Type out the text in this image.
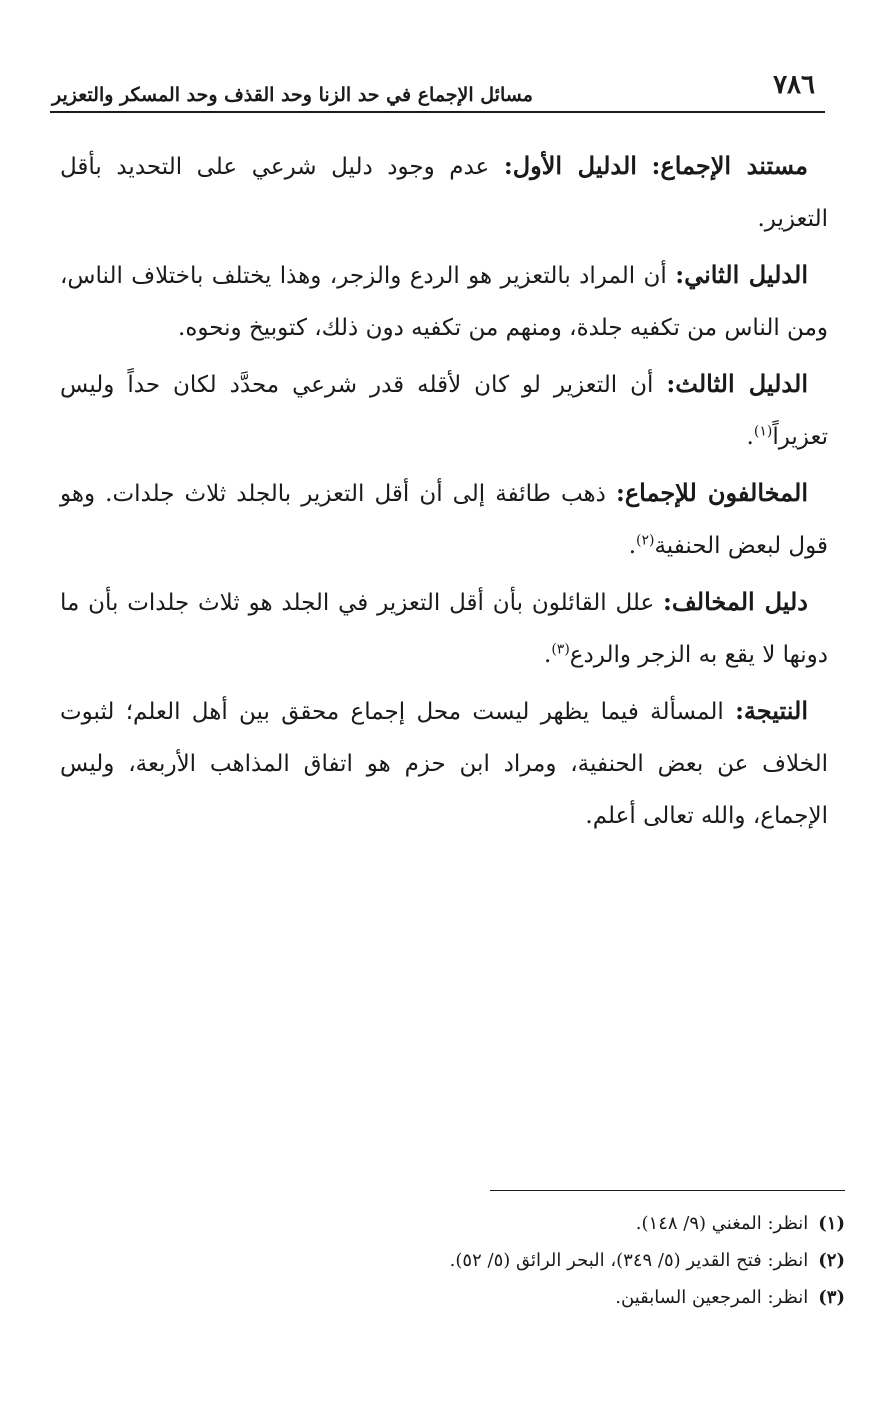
٧٨٦
مسائل الإجماع في حد الزنا وحد القذف وحد المسكر والتعزير

مستند الإجماع: الدليل الأول: عدم وجود دليل شرعي على التحديد بأقل التعزير.

الدليل الثاني: أن المراد بالتعزير هو الردع والزجر، وهذا يختلف باختلاف الناس، ومن الناس من تكفيه جلدة، ومنهم من تكفيه دون ذلك، كتوبيخ ونحوه.

الدليل الثالث: أن التعزير لو كان لأقله قدر شرعي محدَّد لكان حداً وليس تعزيراً$^{(١)}$.

المخالفون للإجماع: ذهب طائفة إلى أن أقل التعزير بالجلد ثلاث جلدات. وهو قول لبعض الحنفية$^{(٢)}$.

دليل المخالف: علل القائلون بأن أقل التعزير في الجلد هو ثلاث جلدات بأن ما دونها لا يقع به الزجر والردع$^{(٣)}$.

النتيجة: المسألة فيما يظهر ليست محل إجماع محقق بين أهل العلم؛ لثبوت الخلاف عن بعض الحنفية، ومراد ابن حزم هو اتفاق المذاهب الأربعة، وليس الإجماع، والله تعالى أعلم.

(١)انظر: المغني (٩/ ١٤٨).

(٢)انظر: فتح القدير (٥/ ٣٤٩)، البحر الرائق (٥/ ٥٢).

(٣)انظر: المرجعين السابقين.
